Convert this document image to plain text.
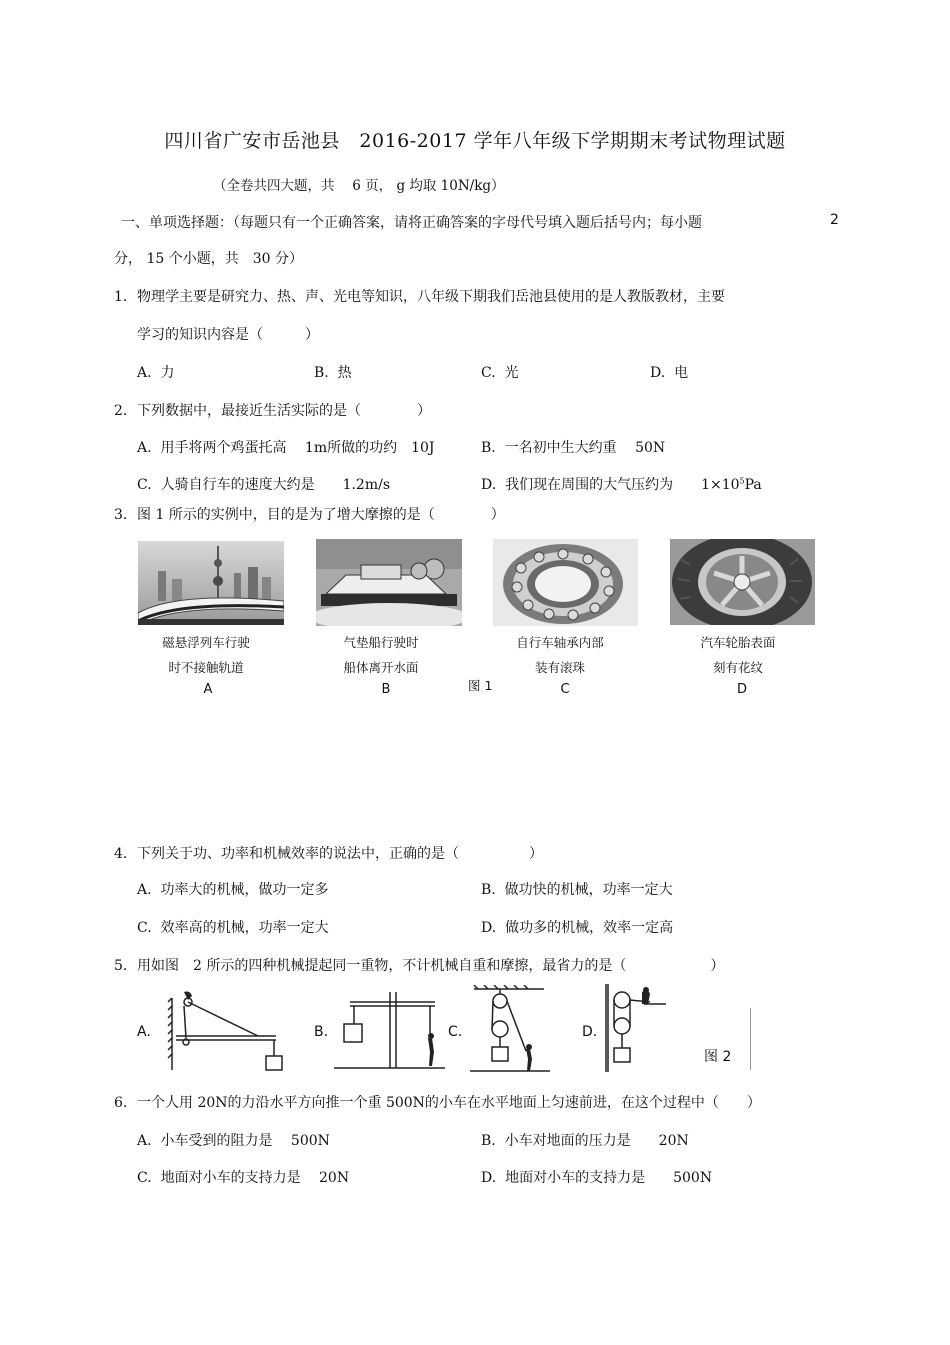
四川省广安市岳池县　2016-2017 学年八年级下学期期末考试物理试题
（全卷共四大题，共　 6 页， g 均取 10N/kg）
一、单项选择题：（每题只有一个正确答案，请将正确答案的字母代号填入题后括号内；每小题	2
分， 15 个小题，共　30 分）
1． 物理学主要是研究力、热、声、光电等知识，八年级下期我们岳池县使用的是人教版教材，主要
学习的知识内容是（　　　）
A. 力	B. 热	C. 光	D. 电
2． 下列数据中，最接近生活实际的是（　　　　）
A. 用手将两个鸡蛋托高　 1m所做的功约　10J	B. 一名初中生大约重　 50N
C. 人骑自行车的速度大约是　　1.2m/s	D. 我们现在周围的大气压约为　　$1\times 10^5Pa$
3． 图 1 所示的实例中，目的是为了增大摩擦的是（　　　　）
磁悬浮列车行驶
时不接触轨道
A
气垫船行驶时
船体离开水面
B	图 1
自行车轴承内部
装有滚珠
C
汽车轮胎表面
刻有花纹
D
4． 下列关于功、功率和机械效率的说法中，正确的是（　　　　　）
A. 功率大的机械，做功一定多	B. 做功快的机械，功率一定大
C. 效率高的机械，功率一定大	D. 做功多的机械，效率一定高
5． 用如图　2 所示的四种机械提起同一重物，不计机械自重和摩擦，最省力的是（　　　　　　）
A.	B.	C.	D.
图 2
6． 一个人用 20N的力沿水平方向推一个重 500N的小车在水平地面上匀速前进，在这个过程中（　　）
A. 小车受到的阻力是　 500N	B. 小车对地面的压力是　　20N
C. 地面对小车的支持力是　 20N	D. 地面对小车的支持力是　　500N
